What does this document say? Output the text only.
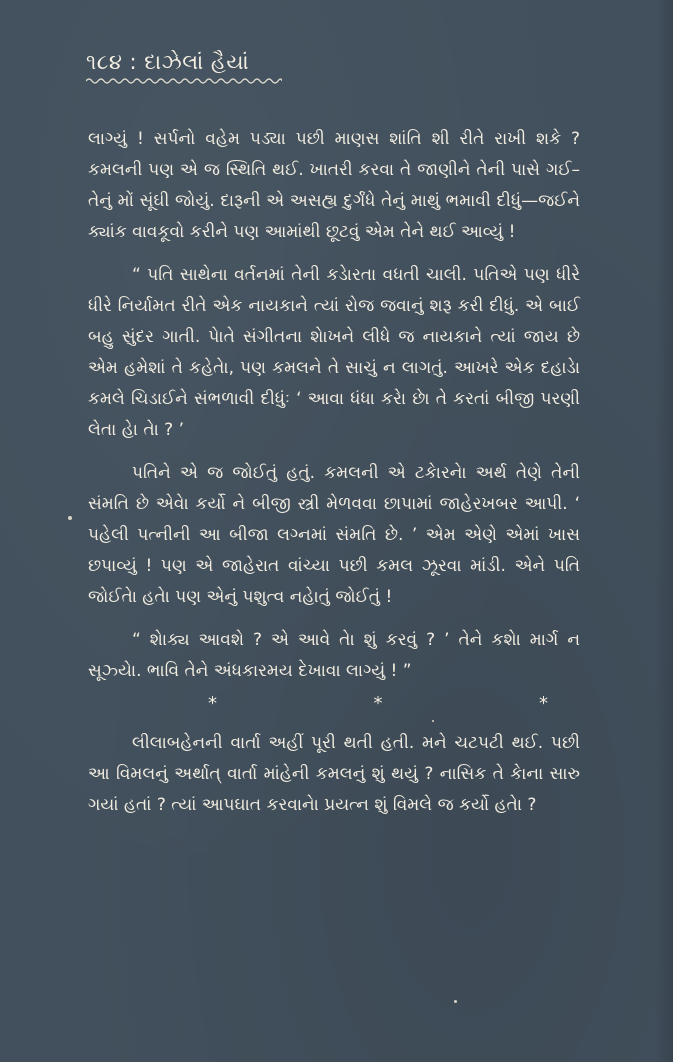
૧૮૪ : દાઝેલાં હૈયાં

લાગ્યું ! સર્પનો વહેમ પડ્યા પછી માણસ શાંતિ શી રીતે રાખી શકે ? કમલની પણ એ જ સ્થિતિ થઈ. ખાતરી કરવા તે જાણીને તેની પાસે ગઈ–તેનું મોં સૂંઘી જોયું. દારૂની એ અસહ્ય દુર્ગંધે તેનું માથું ભમાવી દીધું—જઈને ક્યાંક વાવકૂવો કરીને પણ આમાંથી છૂટવું એમ તેને થઈ આવ્યું !

“ પતિ સાથેના વર્તનમાં તેની કડેારતા વધતી ચાલી. પતિએ પણ ધીરે ધીરે નિર્યામત રીતે એક નાયકાને ત્યાં રોજ જવાનું શરૂ કરી દીધું. એ બાઈ બહુ સુંદર ગાતી. પેાતે સંગીતના શેાખને લીધે જ નાયકાને ત્યાં જાય છે એમ હમેશાં તે કહેતેા, પણ કમલને તે સાચું ન લાગતું. આખરે એક દહાડેા કમલે ચિડાઈને સંભળાવી દીધુંઃ ‘ આવા ધંધા કરેા છેા તે કરતાં બીજી પરણી લેતા હેા તેા ? ’

પતિને એ જ જોઈતું હતું. કમલની એ ટકેારનેા અર્થ તેણે તેની સંમતિ છે એવેા કર્યો ને બીજી સ્ત્રી મેળવવા છાપામાં જાહેરખબર આપી. ‘ પહેલી પત્નીની આ બીજા લગ્નમાં સંમતિ છે. ’ એમ એણે એમાં ખાસ છપાવ્યું ! પણ એ જાહેરાત વાંચ્યા પછી કમલ ઝૂરવા માંડી. એને પતિ જોઈતેા હતેા પણ એનું પશુત્વ નહેાતું જોઈતું !

“ શેાક્ય આવશે ? એ આવે તેા શું કરવું ? ’ તેને કશેા માર્ગ ન સૂઝ્યેા. ભાવિ તેને અંધકારમય દેખાવા લાગ્યું ! ”

*	*	*

લીલાબહેનની વાર્તા અહીં પૂરી થતી હતી. મને ચટપટી થઈ. પછી આ વિમલનું અર્થાત્ વાર્તા માંહેની કમલનું શું થયું ? નાસિક તે કેાના સારુ ગયાં હતાં ? ત્યાં આપઘાત કરવાનેા પ્રયત્ન શું વિમલે જ કર્યો હતેા ?
